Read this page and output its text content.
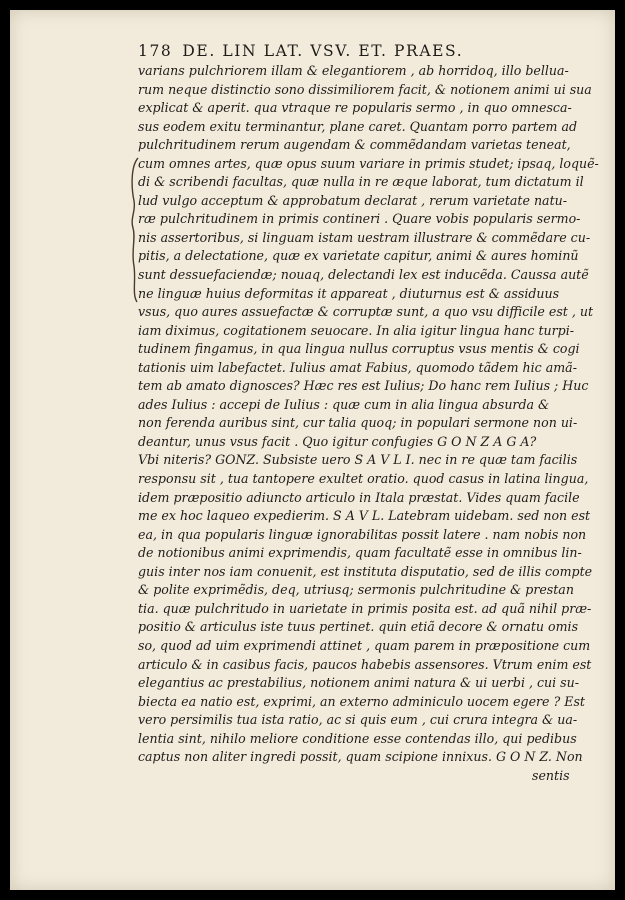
178 DE. LIN LAT. VSV. ET. PRAES.
varians pulchriorem illam & elegantiorem , ab horridoq, illo bellua-
rum neque distinctio sono dissimiliorem facit, & notionem animi ui sua
explicat & aperit. qua vtraque re popularis sermo , in quo omnesca-
sus eodem exitu terminantur, plane caret. Quantam porro partem ad
pulchritudinem rerum augendam & commẽdandam varietas teneat,
cum omnes artes, quæ opus suum variare in primis studet; ipsaq, loquẽ-
di & scribendi facultas, quæ nulla in re æque laborat, tum dictatum il
lud vulgo acceptum & approbatum declarat , rerum varietate natu-
ræ pulchritudinem in primis contineri . Quare vobis popularis sermo-
nis assertoribus, si linguam istam uestram illustrare & commẽdare cu-
pitis, a delectatione, quæ ex varietate capitur, animi & aures hominũ
sunt dessuefaciendæ; nouaq, delectandi lex est inducẽda. Caussa autẽ
ne linguæ huius deformitas it appareat , diuturnus est & assiduus
vsus, quo aures assuefactæ & corruptæ sunt, a quo vsu difficile est , ut
iam diximus, cogitationem seuocare. In alia igitur lingua hanc turpi-
tudinem fingamus, in qua lingua nullus corruptus vsus mentis & cogi
tationis uim labefactet. Iulius amat Fabius, quomodo tãdem hic amã-
tem ab amato dignosces? Hæc res est Iulius; Do hanc rem Iulius ; Huc
ades Iulius : accepi de Iulius : quæ cum in alia lingua absurda &
non ferenda auribus sint, cur talia quoq; in populari sermone non ui-
deantur, unus vsus facit . Quo igitur confugies G O N Z A G A?
Vbi niteris? GONZ. Subsiste uero S A V L I. nec in re quæ tam facilis
responsu sit , tua tantopere exultet oratio. quod casus in latina lingua,
idem præpositio adiuncto articulo in Itala præstat. Vides quam facile
me ex hoc laqueo expedierim. S A V L. Latebram uidebam. sed non est
ea, in qua popularis linguæ ignorabilitas possit latere . nam nobis non
de notionibus animi exprimendis, quam facultatẽ esse in omnibus lin-
guis inter nos iam conuenit, est instituta disputatio, sed de illis compte
& polite exprimẽdis, deq, utriusq; sermonis pulchritudine & prestan
tia. quæ pulchritudo in uarietate in primis posita est. ad quã nihil præ-
positio & articulus iste tuus pertinet. quin etiã decore & ornatu omis
so, quod ad uim exprimendi attinet , quam parem in præpositione cum
articulo & in casibus facis, paucos habebis assensores. Vtrum enim est
elegantius ac prestabilius, notionem animi natura & ui uerbi , cui su-
biecta ea natio est, exprimi, an externo adminiculo uocem egere ? Est
vero persimilis tua ista ratio, ac si quis eum , cui crura integra & ua-
lentia sint, nihilo meliore conditione esse contendas illo, qui pedibus
captus non aliter ingredi possit, quam scipione innixus. G O N Z. Non
sentis
